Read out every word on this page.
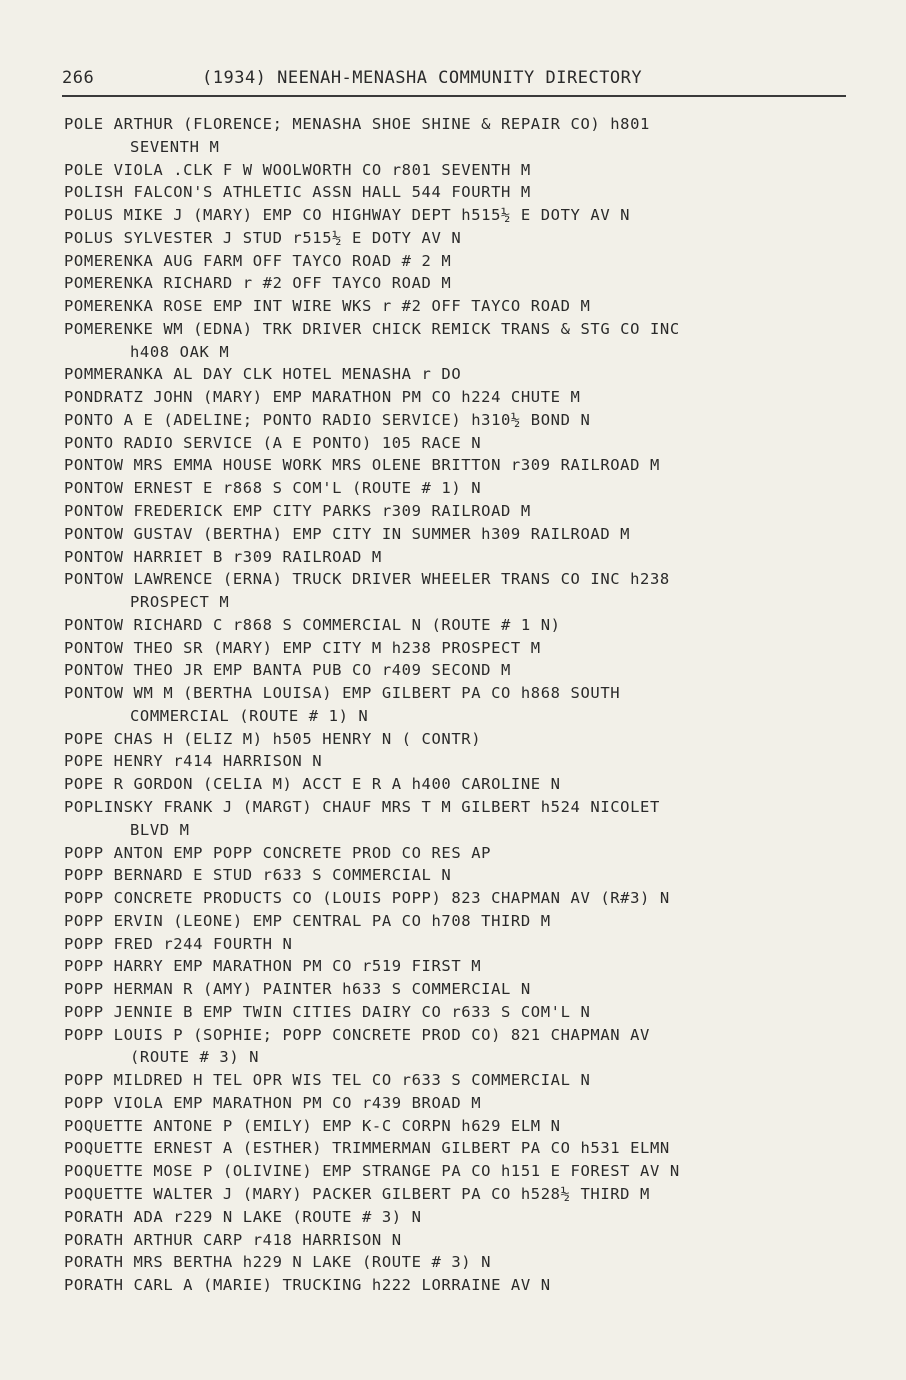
266	(1934) NEENAH-MENASHA COMMUNITY DIRECTORY
POLE ARTHUR (FLORENCE; MENASHA SHOE SHINE & REPAIR CO) h801
SEVENTH M
POLE VIOLA .CLK F W WOOLWORTH CO r801 SEVENTH M
POLISH FALCON'S ATHLETIC ASSN HALL 544 FOURTH M
POLUS MIKE J (MARY) EMP CO HIGHWAY DEPT h515½ E DOTY AV N
POLUS SYLVESTER J STUD r515½ E DOTY AV N
POMERENKA AUG FARM OFF TAYCO ROAD # 2 M
POMERENKA RICHARD r #2 OFF TAYCO ROAD M
POMERENKA ROSE EMP INT WIRE WKS r #2 OFF TAYCO ROAD M
POMERENKE WM (EDNA) TRK DRIVER CHICK REMICK TRANS & STG CO INC
h408 OAK M
POMMERANKA AL DAY CLK HOTEL MENASHA r DO
PONDRATZ JOHN (MARY) EMP MARATHON PM CO h224 CHUTE M
PONTO A E (ADELINE; PONTO RADIO SERVICE) h310½ BOND N
PONTO RADIO SERVICE (A E PONTO) 105 RACE N
PONTOW MRS EMMA HOUSE WORK MRS OLENE BRITTON r309 RAILROAD M
PONTOW ERNEST E r868 S COM'L (ROUTE # 1) N
PONTOW FREDERICK EMP CITY PARKS r309 RAILROAD M
PONTOW GUSTAV (BERTHA) EMP CITY IN SUMMER h309 RAILROAD M
PONTOW HARRIET B r309 RAILROAD M
PONTOW LAWRENCE (ERNA) TRUCK DRIVER WHEELER TRANS CO INC h238
PROSPECT M
PONTOW RICHARD C r868 S COMMERCIAL N (ROUTE # 1 N)
PONTOW THEO SR (MARY) EMP CITY M h238 PROSPECT M
PONTOW THEO JR EMP BANTA PUB CO r409 SECOND M
PONTOW WM M (BERTHA LOUISA) EMP GILBERT PA CO h868 SOUTH
COMMERCIAL (ROUTE # 1) N
POPE CHAS H (ELIZ M) h505 HENRY N ( CONTR)
POPE HENRY r414 HARRISON N
POPE R GORDON (CELIA M) ACCT E R A h400 CAROLINE N
POPLINSKY FRANK J (MARGT) CHAUF MRS T M GILBERT h524 NICOLET
BLVD M
POPP ANTON EMP POPP CONCRETE PROD CO RES AP
POPP BERNARD E STUD r633 S COMMERCIAL N
POPP CONCRETE PRODUCTS CO (LOUIS POPP) 823 CHAPMAN AV (R#3) N
POPP ERVIN (LEONE) EMP CENTRAL PA CO h708 THIRD M
POPP FRED r244 FOURTH N
POPP HARRY EMP MARATHON PM CO r519 FIRST M
POPP HERMAN R (AMY) PAINTER h633 S COMMERCIAL N
POPP JENNIE B EMP TWIN CITIES DAIRY CO r633 S COM'L N
POPP LOUIS P (SOPHIE; POPP CONCRETE PROD CO) 821 CHAPMAN AV
(ROUTE # 3) N
POPP MILDRED H TEL OPR WIS TEL CO r633 S COMMERCIAL N
POPP VIOLA EMP MARATHON PM CO r439 BROAD M
POQUETTE ANTONE P (EMILY) EMP K-C CORPN h629 ELM N
POQUETTE ERNEST A (ESTHER) TRIMMERMAN GILBERT PA CO h531 ELMN
POQUETTE MOSE P (OLIVINE) EMP STRANGE PA CO h151 E FOREST AV N
POQUETTE WALTER J (MARY) PACKER GILBERT PA CO h528½ THIRD M
PORATH ADA r229 N LAKE (ROUTE # 3) N
PORATH ARTHUR CARP r418 HARRISON N
PORATH MRS BERTHA h229 N LAKE (ROUTE # 3) N
PORATH CARL A (MARIE) TRUCKING h222 LORRAINE AV N
